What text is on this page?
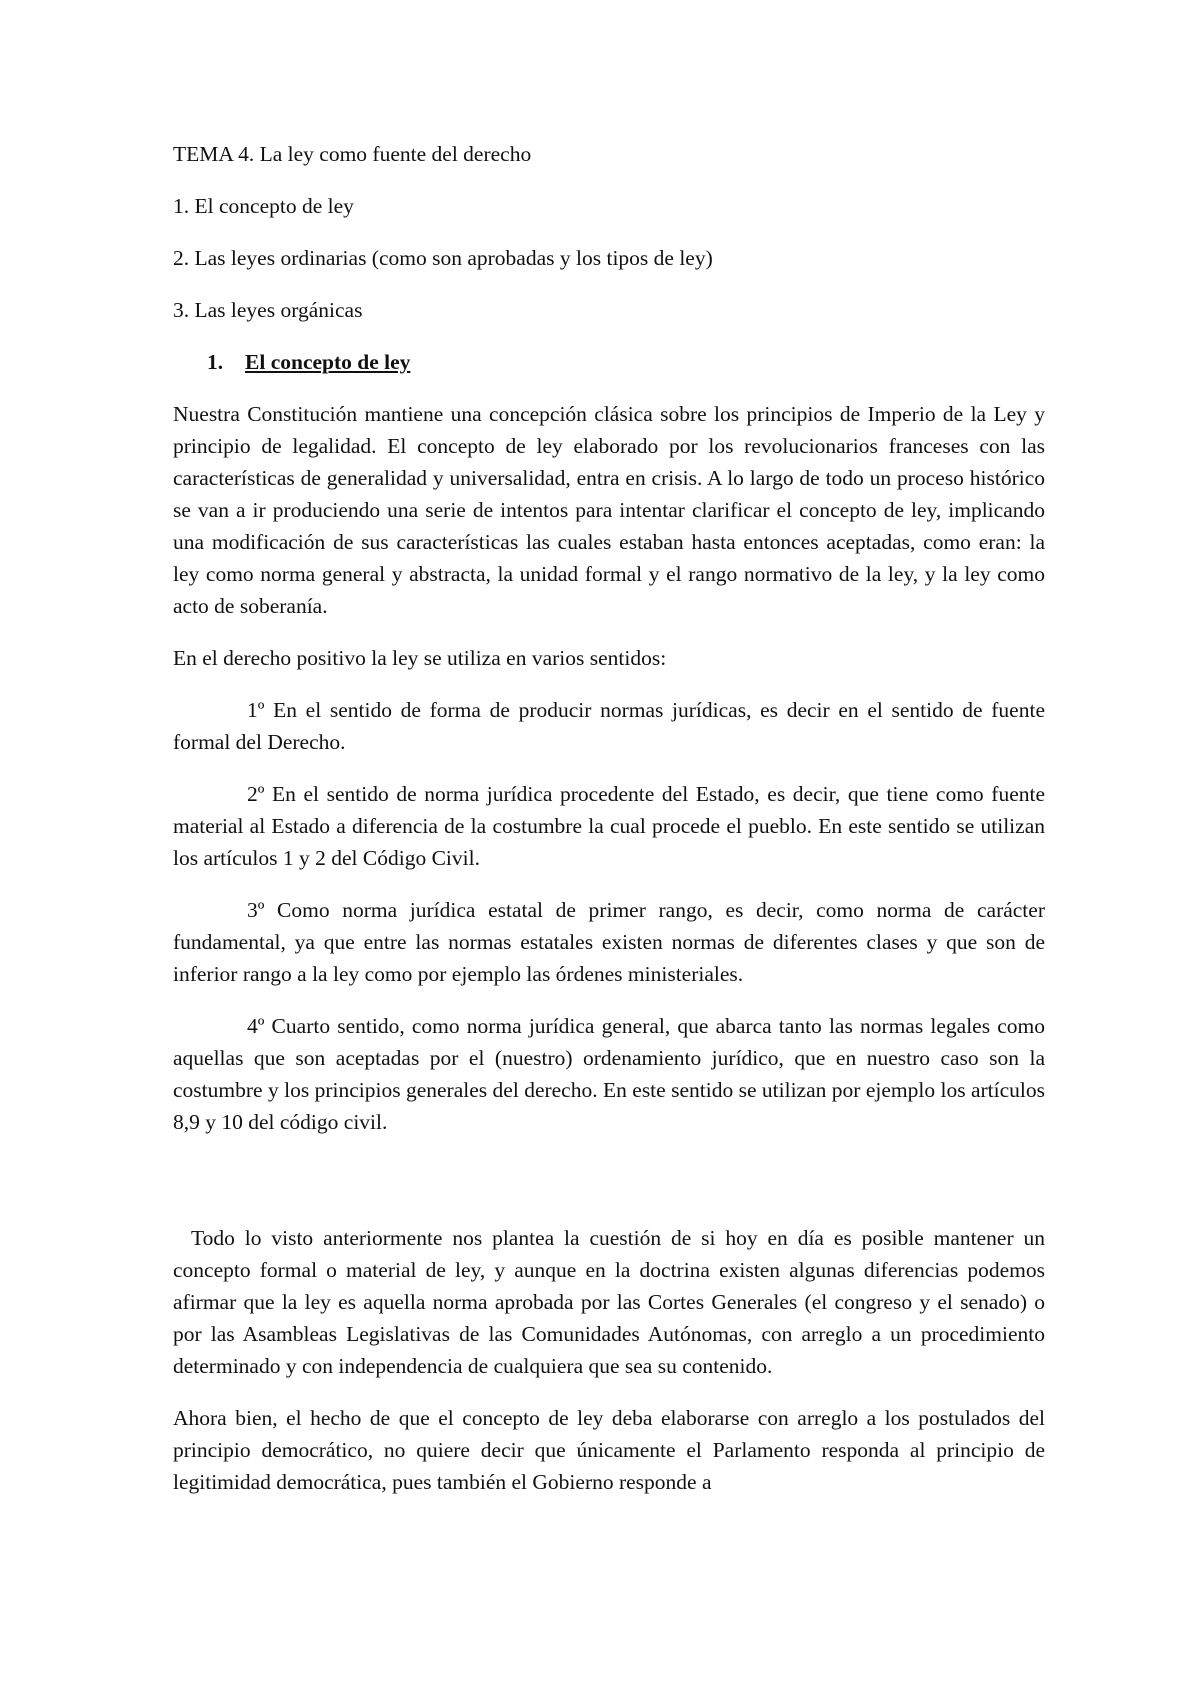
TEMA 4. La ley como fuente del derecho
1. El concepto de ley
2. Las leyes ordinarias (como son aprobadas y los tipos de ley)
3. Las leyes orgánicas
1. El concepto de ley
Nuestra Constitución mantiene una concepción clásica sobre los principios de Imperio de la Ley y principio de legalidad. El concepto de ley elaborado por los revolucionarios franceses con las características de generalidad y universalidad, entra en crisis. A lo largo de todo un proceso histórico se van a ir produciendo una serie de intentos para intentar clarificar el concepto de ley, implicando una modificación de sus características las cuales estaban hasta entonces aceptadas, como eran: la ley como norma general y abstracta, la unidad formal y el rango normativo de la ley, y la ley como acto de soberanía.
En el derecho positivo la ley se utiliza en varios sentidos:
1º En el sentido de forma de producir normas jurídicas, es decir en el sentido de fuente formal del Derecho.
2º En el sentido de norma jurídica procedente del Estado, es decir, que tiene como fuente material al Estado a diferencia de la costumbre la cual procede el pueblo. En este sentido se utilizan los artículos 1 y 2 del Código Civil.
3º Como norma jurídica estatal de primer rango, es decir, como norma de carácter fundamental, ya que entre las normas estatales existen normas de diferentes clases y que son de inferior rango a la ley como por ejemplo las órdenes ministeriales.
4º Cuarto sentido, como norma jurídica general, que abarca tanto las normas legales como aquellas que son aceptadas por el (nuestro) ordenamiento jurídico, que en nuestro caso son la costumbre y los principios generales del derecho. En este sentido se utilizan por ejemplo los artículos 8,9 y 10 del código civil.
Todo lo visto anteriormente nos plantea la cuestión de si hoy en día es posible mantener un concepto formal o material de ley, y aunque en la doctrina existen algunas diferencias podemos afirmar que la ley es aquella norma aprobada por las Cortes Generales (el congreso y el senado) o por las Asambleas Legislativas de las Comunidades Autónomas, con arreglo a un procedimiento determinado y con independencia de cualquiera que sea su contenido.
Ahora bien, el hecho de que el concepto de ley deba elaborarse con arreglo a los postulados del principio democrático, no quiere decir que únicamente el Parlamento responda al principio de legitimidad democrática, pues también el Gobierno responde a
